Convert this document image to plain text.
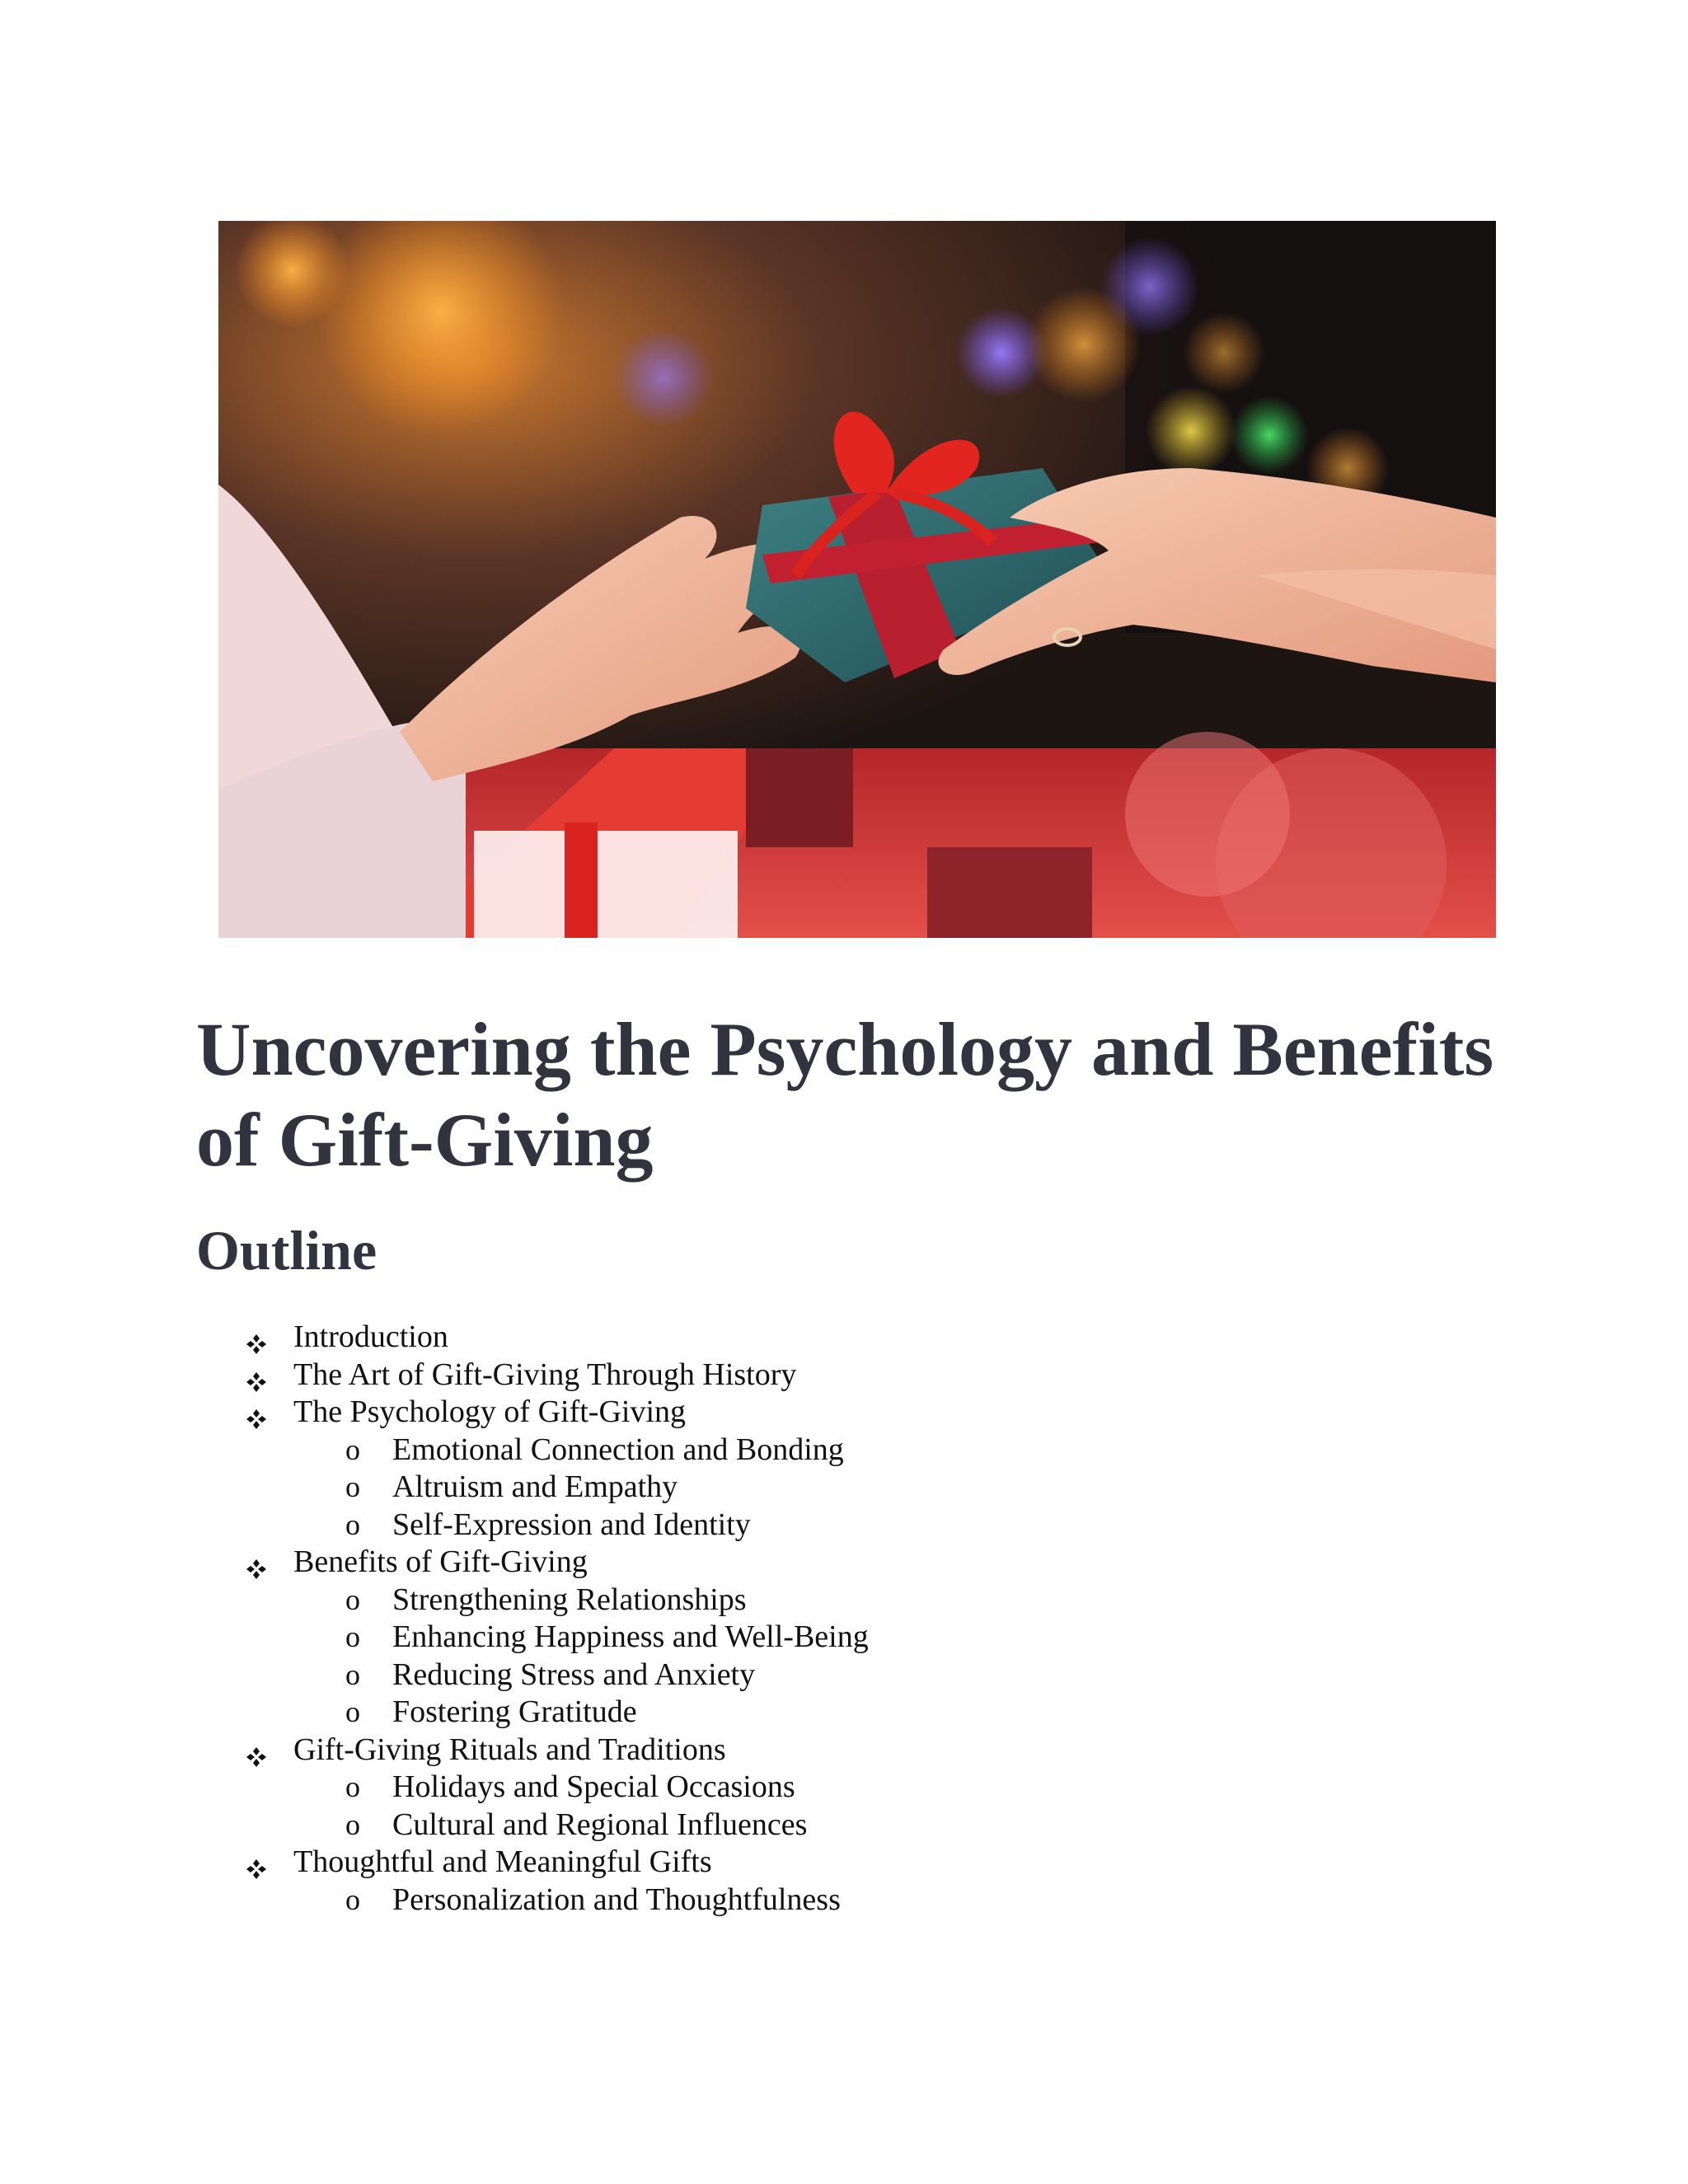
Uncovering the Psychology and Benefits of Gift-Giving
Outline
Introduction
The Art of Gift-Giving Through History
The Psychology of Gift-Giving
o Emotional Connection and Bonding
o Altruism and Empathy
o Self-Expression and Identity
Benefits of Gift-Giving
o Strengthening Relationships
o Enhancing Happiness and Well-Being
o Reducing Stress and Anxiety
o Fostering Gratitude
Gift-Giving Rituals and Traditions
o Holidays and Special Occasions
o Cultural and Regional Influences
Thoughtful and Meaningful Gifts
o Personalization and Thoughtfulness
